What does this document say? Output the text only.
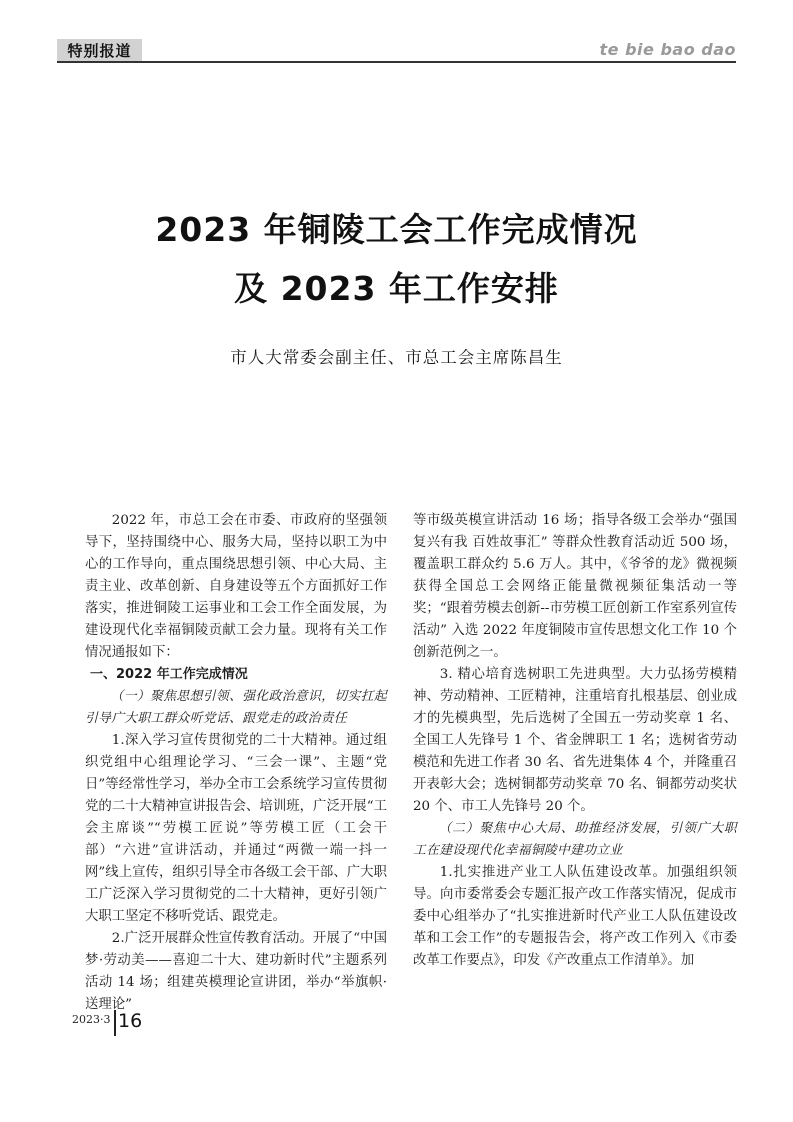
特别报道	te bie bao dao
2023 年铜陵工会工作完成情况
及 2023 年工作安排
市人大常委会副主任、市总工会主席陈昌生

2022 年，市总工会在市委、市政府的坚强领导下，坚持围绕中心、服务大局，坚持以职工为中心的工作导向，重点围绕思想引领、中心大局、主责主业、改革创新、自身建设等五个方面抓好工作落实，推进铜陵工运事业和工会工作全面发展，为建设现代化幸福铜陵贡献工会力量。现将有关工作情况通报如下：

一、2022 年工作完成情况

（一）聚焦思想引领、强化政治意识，切实扛起引导广大职工群众听党话、跟党走的政治责任

1.深入学习宣传贯彻党的二十大精神。通过组织党组中心组理论学习、“三会一课”、主题“党日”等经常性学习，举办全市工会系统学习宣传贯彻党的二十大精神宣讲报告会、培训班，广泛开展“工会主席谈”“劳模工匠说”等劳模工匠（工会干部）“六进”宣讲活动，并通过“两微一端一抖一网”线上宣传，组织引导全市各级工会干部、广大职工广泛深入学习贯彻党的二十大精神，更好引领广大职工坚定不移听党话、跟党走。

2.广泛开展群众性宣传教育活动。开展了“中国梦·劳动美——喜迎二十大、建功新时代”主题系列活动 14 场；组建英模理论宣讲团，举办“举旗帜·送理论”

等市级英模宣讲活动 16 场；指导各级工会举办“强国复兴有我 百姓故事汇” 等群众性教育活动近 500 场，覆盖职工群众约 5.6 万人。其中，《爷爷的龙》微视频获得全国总工会网络正能量微视频征集活动一等奖；“跟着劳模去创新--市劳模工匠创新工作室系列宣传活动” 入选 2022 年度铜陵市宣传思想文化工作 10 个创新范例之一。

3. 精心培育选树职工先进典型。大力弘扬劳模精神、劳动精神、工匠精神，注重培育扎根基层、创业成才的先模典型，先后选树了全国五一劳动奖章 1 名、全国工人先锋号 1 个、省金牌职工 1 名；选树省劳动模范和先进工作者 30 名、省先进集体 4 个，并隆重召开表彰大会；选树铜都劳动奖章 70 名、铜都劳动奖状 20 个、市工人先锋号 20 个。

（二）聚焦中心大局、助推经济发展，引领广大职工在建设现代化幸福铜陵中建功立业

1.扎实推进产业工人队伍建设改革。加强组织领导。向市委常委会专题汇报产改工作落实情况，促成市委中心组举办了“扎实推进新时代产业工人队伍建设改革和工会工作”的专题报告会，将产改工作列入《市委改革工作要点》，印发《产改重点工作清单》。加

2023·3 16
